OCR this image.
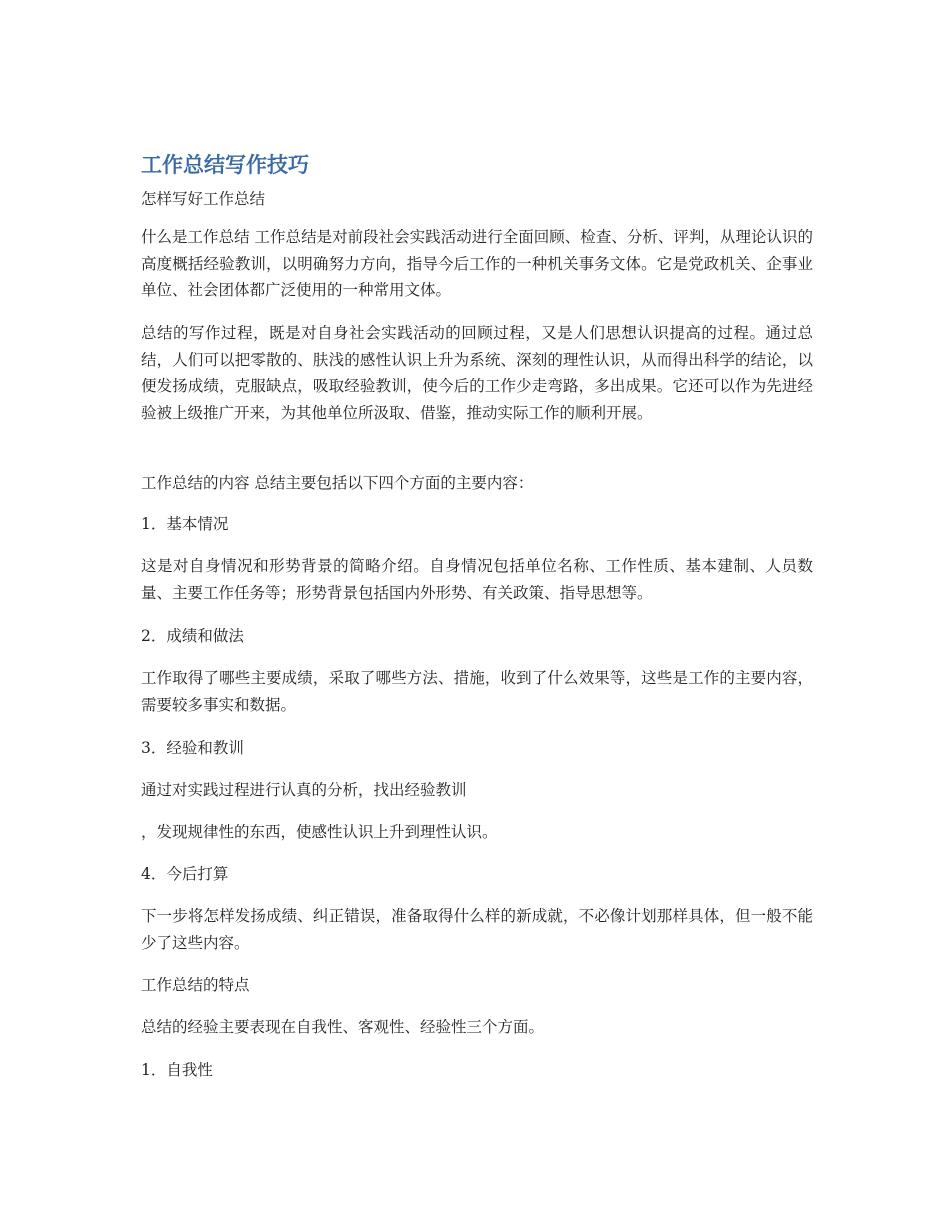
工作总结写作技巧

怎样写好工作总结

什么是工作总结 工作总结是对前段社会实践活动进行全面回顾、检查、分析、评判，从理论认识的高度概括经验教训，以明确努力方向，指导今后工作的一种机关事务文体。它是党政机关、企事业单位、社会团体都广泛使用的一种常用文体。

总结的写作过程，既是对自身社会实践活动的回顾过程，又是人们思想认识提高的过程。通过总结，人们可以把零散的、肤浅的感性认识上升为系统、深刻的理性认识，从而得出科学的结论，以便发扬成绩，克服缺点，吸取经验教训，使今后的工作少走弯路，多出成果。它还可以作为先进经验被上级推广开来，为其他单位所汲取、借鉴，推动实际工作的顺利开展。

工作总结的内容 总结主要包括以下四个方面的主要内容：

1．基本情况

这是对自身情况和形势背景的简略介绍。自身情况包括单位名称、工作性质、基本建制、人员数量、主要工作任务等；形势背景包括国内外形势、有关政策、指导思想等。

2．成绩和做法

工作取得了哪些主要成绩，采取了哪些方法、措施，收到了什么效果等，这些是工作的主要内容，需要较多事实和数据。

3．经验和教训

通过对实践过程进行认真的分析，找出经验教训

，发现规律性的东西，使感性认识上升到理性认识。

4．今后打算

下一步将怎样发扬成绩、纠正错误，准备取得什么样的新成就，不必像计划那样具体，但一般不能少了这些内容。

工作总结的特点

总结的经验主要表现在自我性、客观性、经验性三个方面。

1．自我性
